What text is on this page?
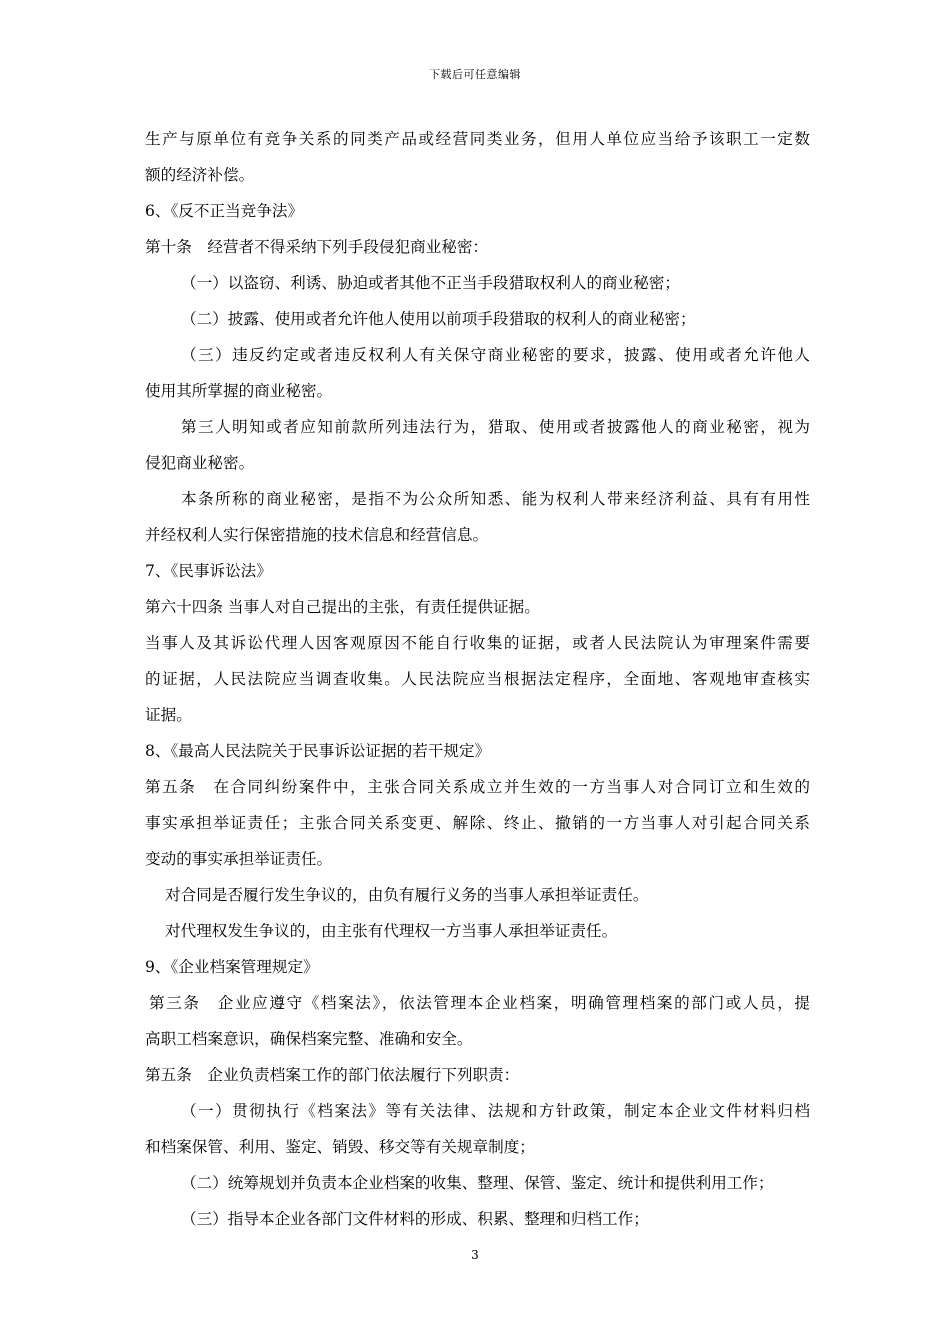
下载后可任意编辑
生产与原单位有竞争关系的同类产品或经营同类业务，但用人单位应当给予该职工一定数
额的经济补偿。
6、《反不正当竞争法》
第十条　经营者不得采纳下列手段侵犯商业秘密：
（一）以盗窃、利诱、胁迫或者其他不正当手段猎取权利人的商业秘密；
（二）披露、使用或者允许他人使用以前项手段猎取的权利人的商业秘密；
（三）违反约定或者违反权利人有关保守商业秘密的要求，披露、使用或者允许他人
使用其所掌握的商业秘密。
第三人明知或者应知前款所列违法行为，猎取、使用或者披露他人的商业秘密，视为
侵犯商业秘密。
本条所称的商业秘密，是指不为公众所知悉、能为权利人带来经济利益、具有有用性
并经权利人实行保密措施的技术信息和经营信息。
7、《民事诉讼法》
第六十四条 当事人对自己提出的主张，有责任提供证据。
当事人及其诉讼代理人因客观原因不能自行收集的证据，或者人民法院认为审理案件需要
的证据，人民法院应当调查收集。人民法院应当根据法定程序，全面地、客观地审查核实
证据。
8、《最高人民法院关于民事诉讼证据的若干规定》
第五条　在合同纠纷案件中，主张合同关系成立并生效的一方当事人对合同订立和生效的
事实承担举证责任；主张合同关系变更、解除、终止、撤销的一方当事人对引起合同关系
变动的事实承担举证责任。
对合同是否履行发生争议的，由负有履行义务的当事人承担举证责任。
对代理权发生争议的，由主张有代理权一方当事人承担举证责任。
9、《企业档案管理规定》
第三条　企业应遵守《档案法》，依法管理本企业档案，明确管理档案的部门或人员，提
高职工档案意识，确保档案完整、准确和安全。
第五条　企业负责档案工作的部门依法履行下列职责：
（一）贯彻执行《档案法》等有关法律、法规和方针政策，制定本企业文件材料归档
和档案保管、利用、鉴定、销毁、移交等有关规章制度；
（二）统筹规划并负责本企业档案的收集、整理、保管、鉴定、统计和提供利用工作；
（三）指导本企业各部门文件材料的形成、积累、整理和归档工作；
3
